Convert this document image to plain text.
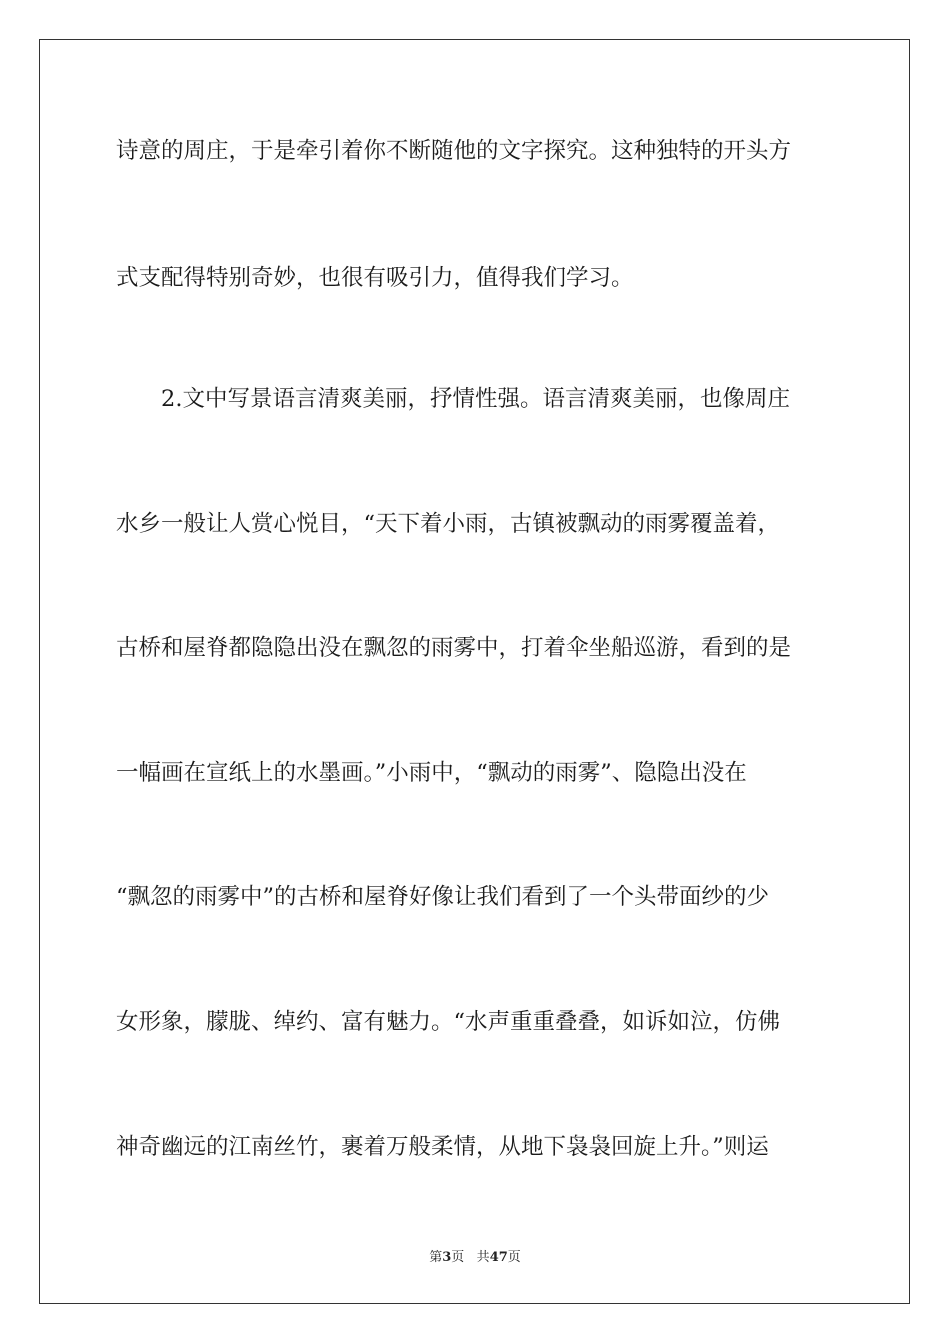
诗意的周庄，于是牵引着你不断随他的文字探究。这种独特的开头方
式支配得特别奇妙，也很有吸引力，值得我们学习。
　　2.文中写景语言清爽美丽，抒情性强。语言清爽美丽，也像周庄
水乡一般让人赏心悦目，“天下着小雨，古镇被飘动的雨雾覆盖着，
古桥和屋脊都隐隐出没在飘忽的雨雾中，打着伞坐船巡游，看到的是
一幅画在宣纸上的水墨画。”小雨中，“飘动的雨雾”、隐隐出没在
“飘忽的雨雾中”的古桥和屋脊好像让我们看到了一个头带面纱的少
女形象，朦胧、绰约、富有魅力。“水声重重叠叠，如诉如泣，仿佛
神奇幽远的江南丝竹，裹着万般柔情，从地下袅袅回旋上升。”则运
第3页 共47页
